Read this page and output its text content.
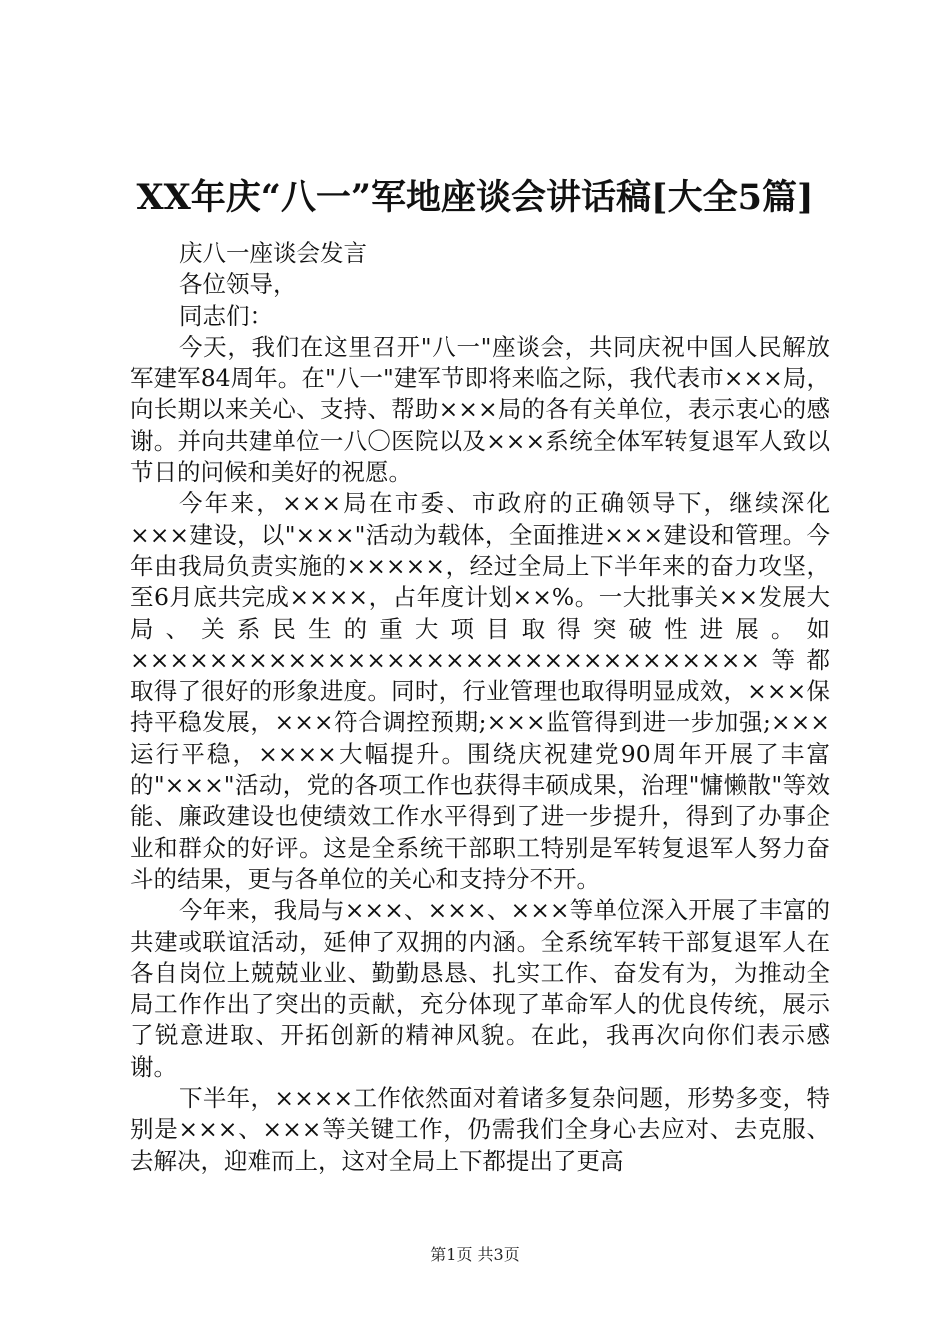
XX年庆“八一”军地座谈会讲话稿[大全5篇]

庆八一座谈会发言

各位领导，

同志们：

今天，我们在这里召开"八一"座谈会，共同庆祝中国人民解放军建军84周年。在"八一"建军节即将来临之际，我代表市×××局，向长期以来关心、支持、帮助×××局的各有关单位，表示衷心的感谢。并向共建单位一八〇医院以及×××系统全体军转复退军人致以节日的问候和美好的祝愿。

今年来，×××局在市委、市政府的正确领导下，继续深化×××建设，以"×××"活动为载体，全面推进×××建设和管理。今年由我局负责实施的×××××，经过全局上下半年来的奋力攻坚，至6月底共完成××××，占年度计划××%。一大批事关××发展大局、关系民生的重大项目取得突破性进展。如××××××××××××××××××××××××××××××××等都取得了很好的形象进度。同时，行业管理也取得明显成效，×××保持平稳发展，×××符合调控预期;×××监管得到进一步加强;×××运行平稳，××××大幅提升。围绕庆祝建党90周年开展了丰富的"×××"活动，党的各项工作也获得丰硕成果，治理"慵懒散"等效能、廉政建设也使绩效工作水平得到了进一步提升，得到了办事企业和群众的好评。这是全系统干部职工特别是军转复退军人努力奋斗的结果，更与各单位的关心和支持分不开。

今年来，我局与×××、×××、×××等单位深入开展了丰富的共建或联谊活动，延伸了双拥的内涵。全系统军转干部复退军人在各自岗位上兢兢业业、勤勤恳恳、扎实工作、奋发有为，为推动全局工作作出了突出的贡献，充分体现了革命军人的优良传统，展示了锐意进取、开拓创新的精神风貌。在此，我再次向你们表示感谢。

下半年，××××工作依然面对着诸多复杂问题，形势多变，特别是×××、×××等关键工作，仍需我们全身心去应对、去克服、去解决，迎难而上，这对全局上下都提出了更高

第1页 共3页
